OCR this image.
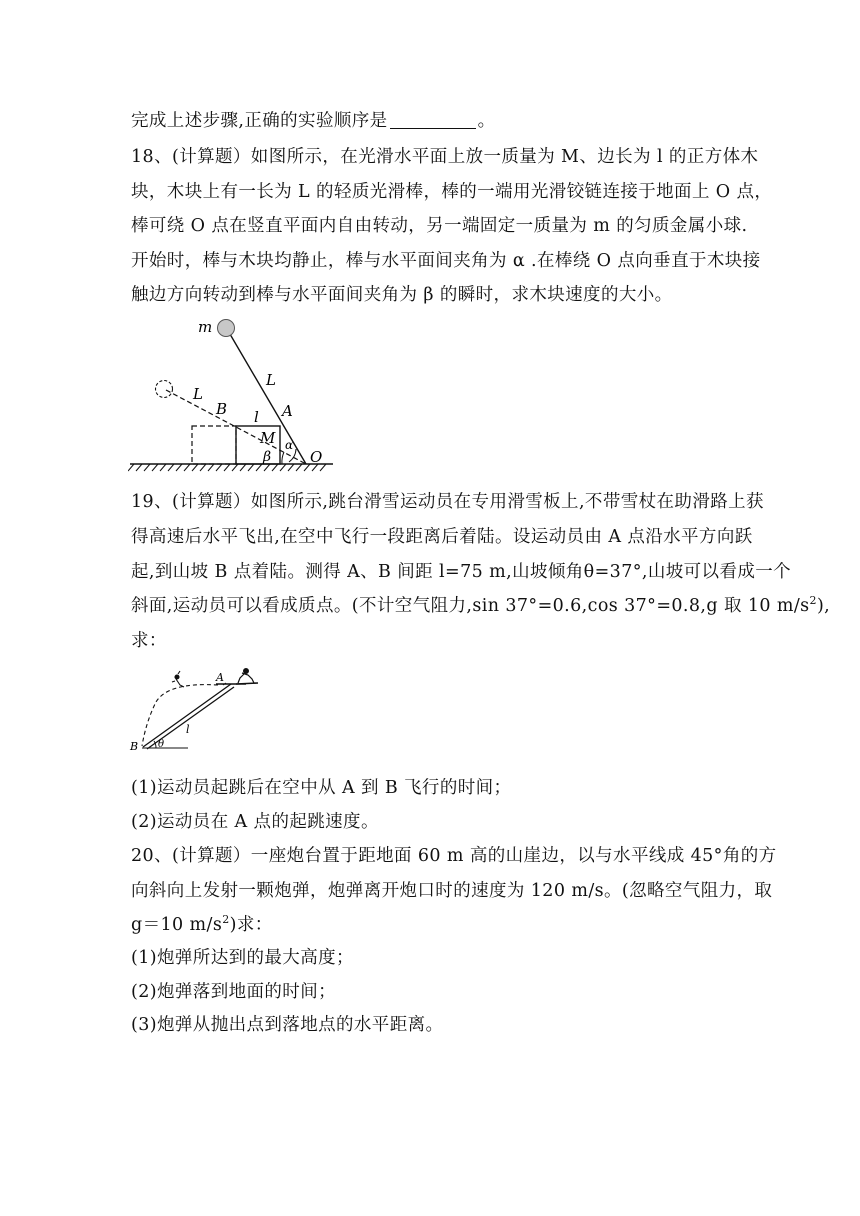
完成上述步骤,正确的实验顺序是	。
18、(计算题）如图所示，在光滑水平面上放一质量为 M、边长为 l 的正方体木
块，木块上有一长为 L 的轻质光滑棒，棒的一端用光滑铰链连接于地面上 O 点，
棒可绕 O 点在竖直平面内自由转动，另一端固定一质量为 m 的匀质金属小球.
开始时，棒与木块均静止，棒与水平面间夹角为 α .在棒绕 O 点向垂直于木块接
触边方向转动到棒与水平面间夹角为 β 的瞬时，求木块速度的大小。
m
L
L
B l A
M α
β	O
19、(计算题）如图所示,跳台滑雪运动员在专用滑雪板上,不带雪杖在助滑路上获
得高速后水平飞出,在空中飞行一段距离后着陆。设运动员由 A 点沿水平方向跃
起,到山坡 B 点着陆。测得 A、B 间距 l=75 m,山坡倾角θ=37°,山坡可以看成一个
斜面,运动员可以看成质点。(不计空气阻力,sin 37°=0.6,cos 37°=0.8,g 取 10 $m/s^2$),
求：
A
B
l
θ
(1)运动员起跳后在空中从 A 到 B 飞行的时间；
(2)运动员在 A 点的起跳速度。
20、(计算题）一座炮台置于距地面 60 m 高的山崖边，以与水平线成 45°角的方
向斜向上发射一颗炮弹，炮弹离开炮口时的速度为 120 m/s。(忽略空气阻力，取
g＝10 $m/s^2$)求：
(1)炮弹所达到的最大高度；
(2)炮弹落到地面的时间；
(3)炮弹从抛出点到落地点的水平距离。
